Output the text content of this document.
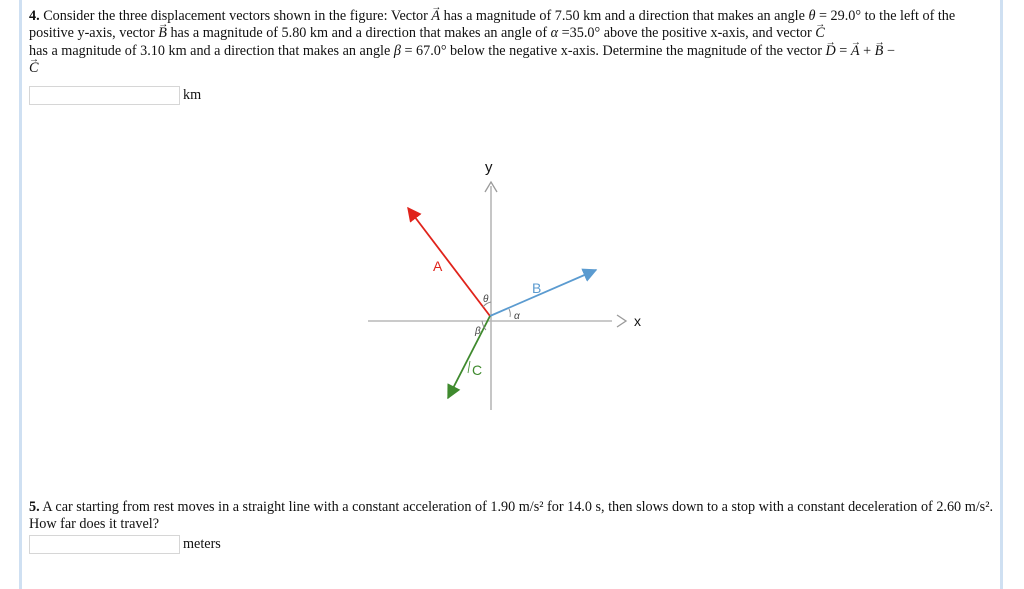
4. Consider the three displacement vectors shown in the figure: Vector → A has a magnitude of 7.50 km and a direction that makes an angle θ = 29.0° to the left of the positive y-axis, vector → B has a magnitude of 5.80 km and a direction that makes an angle of α =35.0° above the positive x-axis, and vector → C
has a magnitude of 3.10 km and a direction that makes an angle β = 67.0° below the negative x-axis. Determine the magnitude of the vector → D = → A + → B −
→ C
km
x
y
A
B
C
θ
α
β
5. A car starting from rest moves in a straight line with a constant acceleration of 1.90 m/s² for 14.0 s, then slows down to a stop with a constant deceleration of 2.60 m/s². How far does it travel?
meters
